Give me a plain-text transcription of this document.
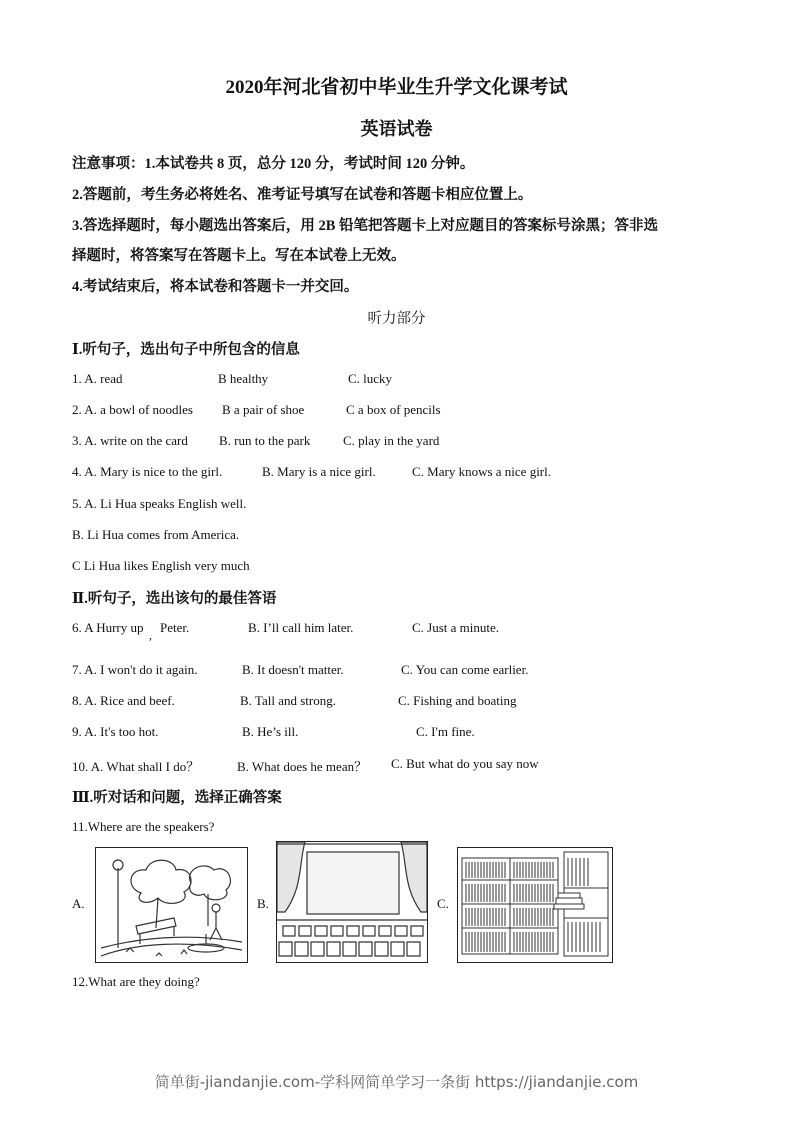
2020年河北省初中毕业生升学文化课考试
英语试卷
注意事项：1.本试卷共 8 页，总分 120 分，考试时间 120 分钟。
2.答题前，考生务必将姓名、准考证号填写在试卷和答题卡相应位置上。
3.答选择题时，每小题选出答案后，用 2B 铅笔把答题卡上对应题目的答案标号涂黑；答非选
择题时，将答案写在答题卡上。写在本试卷上无效。
4.考试结束后，将本试卷和答题卡一并交回。
听力部分
Ⅰ.听句子，选出句子中所包含的信息
1. A. read	B healthy	C. lucky
2. A. a bowl of noodles B a pair of shoe	C a box of pencils
3. A. write on the card B. run to the park	C. play in the yard
4. A. Mary is nice to the girl.	B. Mary is a nice girl.	C. Mary knows a nice girl.
5. A. Li Hua speaks English well.
B. Li Hua comes from America.
C Li Hua likes English very much
Ⅱ.听句子，选出该句的最佳答语
6. A Hurry up , Peter.	B. I’ll call him later.	C. Just a minute.
7. A. I won't do it again.	B. It doesn't matter.	C. You can come earlier.
8. A. Rice and beef.	B. Tall and strong.	C. Fishing and boating
9. A. It's too hot.	B. He’s ill.	C. I'm fine.
10. A. What shall I do？	B. What does he mean？ C. But what do you say now
Ⅲ.听对话和问题，选择正确答案
11.Where are the speakers?
A.	B.	C.
12.What are they doing?
简单街-jiandanjie.com-学科网简单学习一条街 https://jiandanjie.com
